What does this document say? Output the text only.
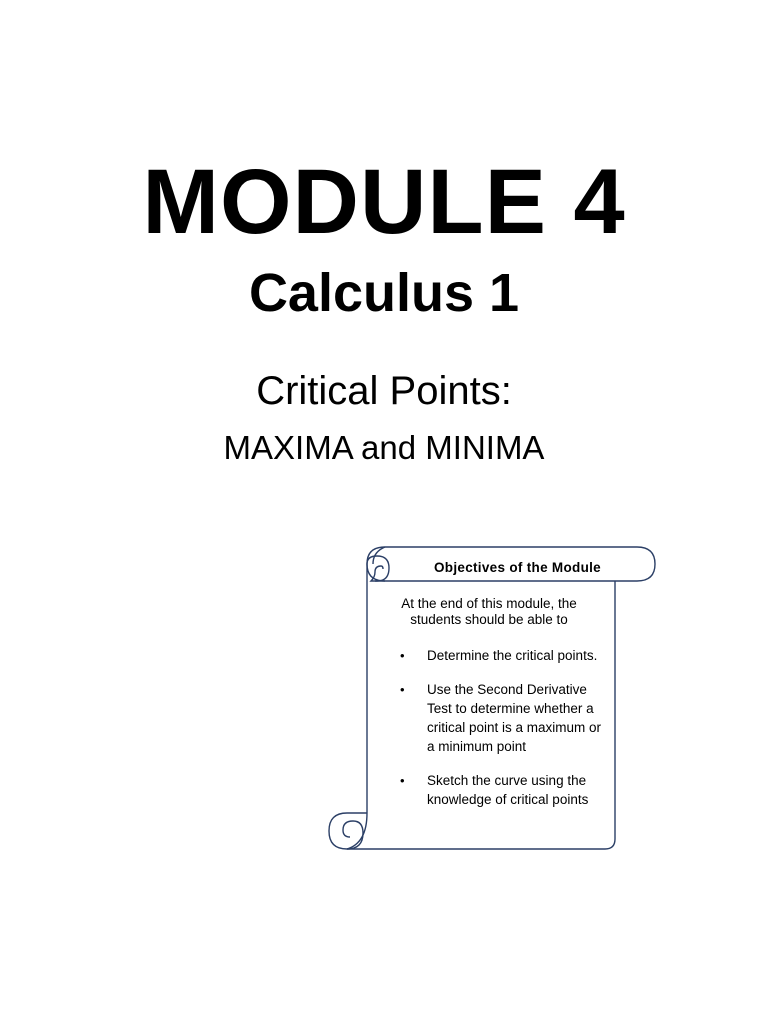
MODULE 4
Calculus 1
Critical Points:
MAXIMA and MINIMA
Objectives of the Module
At the end of this module, the students should be able to
• Determine the critical points.
• Use the Second Derivative Test to determine whether a critical point is a maximum or a minimum point
• Sketch the curve using the knowledge of critical points
